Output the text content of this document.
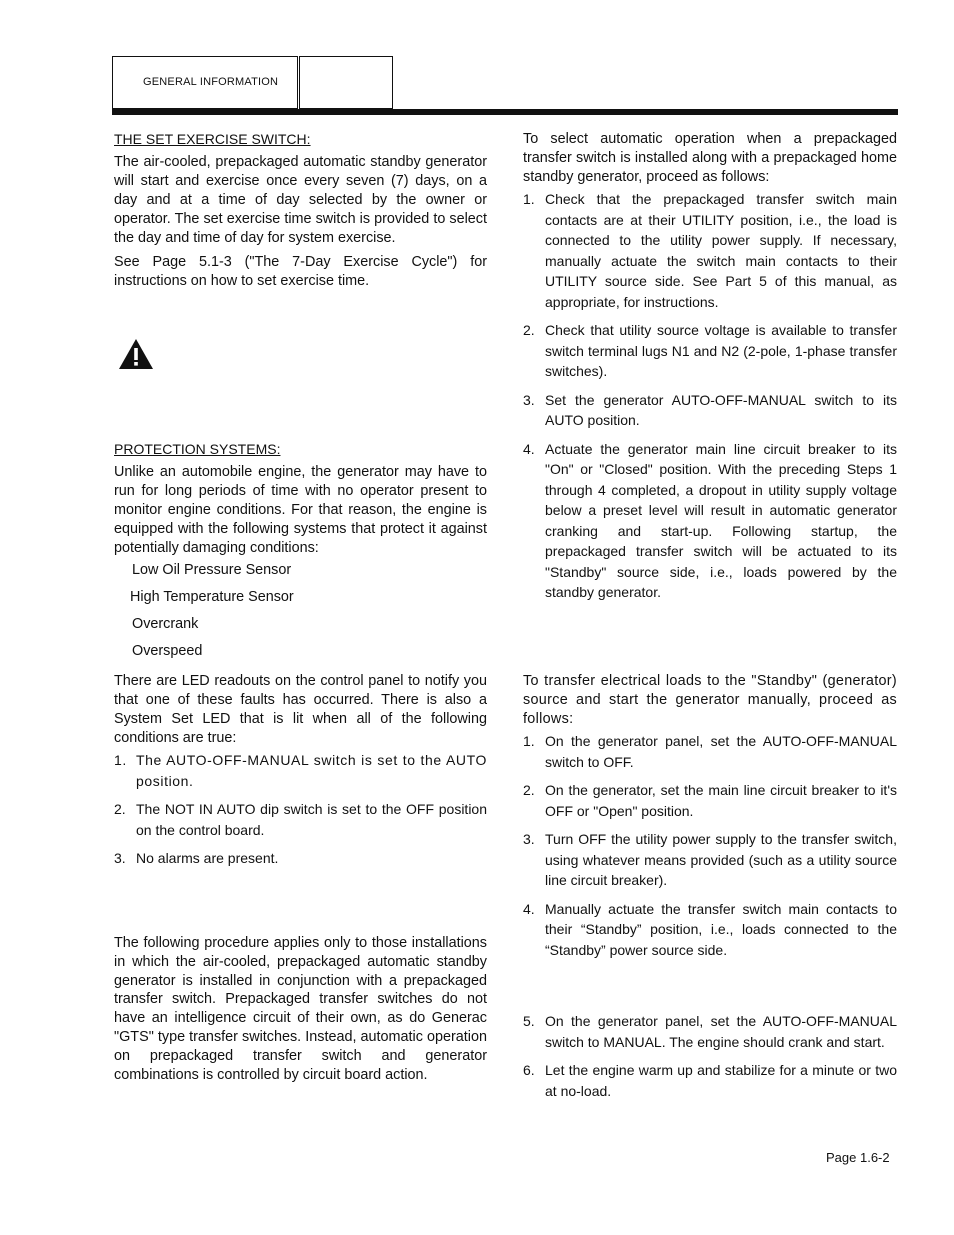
GENERAL INFORMATION
THE SET EXERCISE SWITCH:

The air-cooled, prepackaged automatic standby generator will start and exercise once every seven (7) days, on a day and at a time of day selected by the owner or operator. The set exercise time switch is provided to select the day and time of day for system exercise.

See Page 5.1-3 ("The 7-Day Exercise Cycle") for instructions on how to set exercise time.

PROTECTION SYSTEMS:

Unlike an automobile engine, the generator may have to run for long periods of time with no operator present to monitor engine conditions. For that reason, the engine is equipped with the following systems that protect it against potentially damaging conditions:

Low Oil Pressure Sensor
High Temperature Sensor
Overcrank
Overspeed

There are LED readouts on the control panel to notify you that one of these faults has occurred. There is also a System Set LED that is lit when all of the following conditions are true:

1. The AUTO-OFF-MANUAL switch is set to the AUTO position.
2. The NOT IN AUTO dip switch is set to the OFF position on the control board.
3. No alarms are present.

The following procedure applies only to those installations in which the air-cooled, prepackaged automatic standby generator is installed in conjunction with a prepackaged transfer switch. Prepackaged transfer switches do not have an intelligence circuit of their own, as do Generac "GTS" type transfer switches. Instead, automatic operation on prepackaged transfer switch and generator combinations is controlled by circuit board action.

To select automatic operation when a prepackaged transfer switch is installed along with a prepackaged home standby generator, proceed as follows:

1. Check that the prepackaged transfer switch main contacts are at their UTILITY position, i.e., the load is connected to the utility power supply. If necessary, manually actuate the switch main contacts to their UTILITY source side. See Part 5 of this manual, as appropriate, for instructions.
2. Check that utility source voltage is available to transfer switch terminal lugs N1 and N2 (2-pole, 1-phase transfer switches).
3. Set the generator AUTO-OFF-MANUAL switch to its AUTO position.
4. Actuate the generator main line circuit breaker to its "On" or "Closed" position. With the preceding Steps 1 through 4 completed, a dropout in utility supply voltage below a preset level will result in automatic generator cranking and start-up. Following startup, the prepackaged transfer switch will be actuated to its "Standby" source side, i.e., loads powered by the standby generator.

To transfer electrical loads to the "Standby" (generator) source and start the generator manually, proceed as follows:

1. On the generator panel, set the AUTO-OFF-MANUAL switch to OFF.
2. On the generator, set the main line circuit breaker to it's OFF or "Open" position.
3. Turn OFF the utility power supply to the transfer switch, using whatever means provided (such as a utility source line circuit breaker).
4. Manually actuate the transfer switch main contacts to their “Standby” position, i.e., loads connected to the “Standby” power source side.
5. On the generator panel, set the AUTO-OFF-MANUAL switch to MANUAL. The engine should crank and start.
6. Let the engine warm up and stabilize for a minute or two at no-load.
Page 1.6-2
